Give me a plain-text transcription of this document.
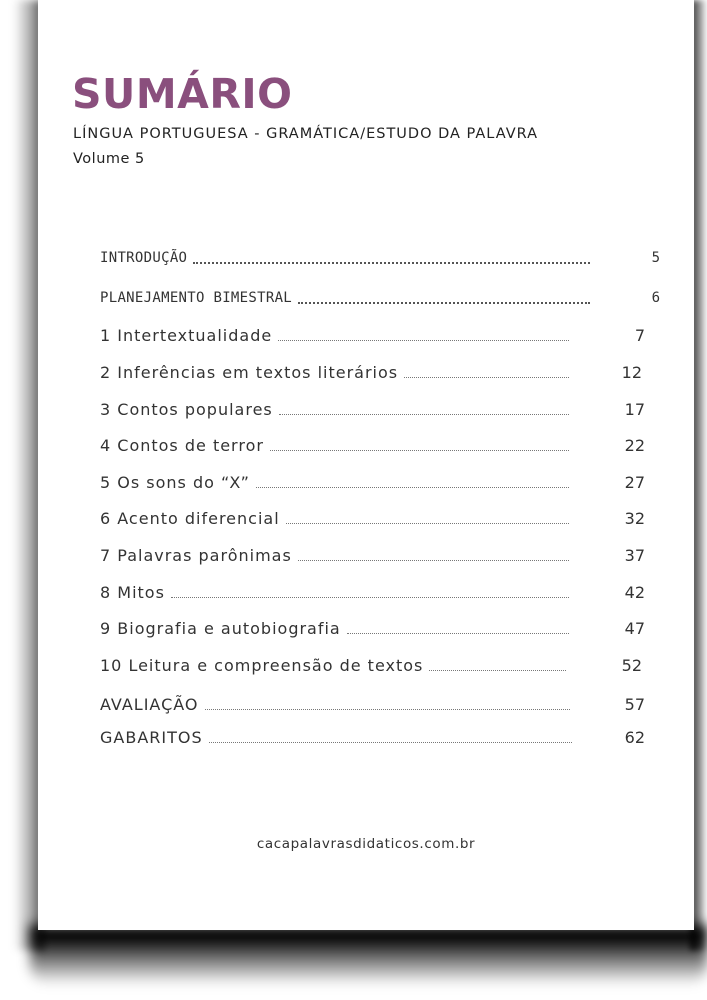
SUMÁRIO
LÍNGUA PORTUGUESA - GRAMÁTICA/ESTUDO DA PALAVRA
Volume 5
INTRODUÇÃO	5
PLANEJAMENTO BIMESTRAL	6
1 Intertextualidade	7
2 Inferências em textos literários	12
3 Contos populares	17
4 Contos de terror	22
5 Os sons do “X”	27
6 Acento diferencial	32
7 Palavras parônimas	37
8 Mitos	42
9 Biografia e autobiografia	47
10 Leitura e compreensão de textos	52
AVALIAÇÃO	57
GABARITOS	62
cacapalavrasdidaticos.com.br
